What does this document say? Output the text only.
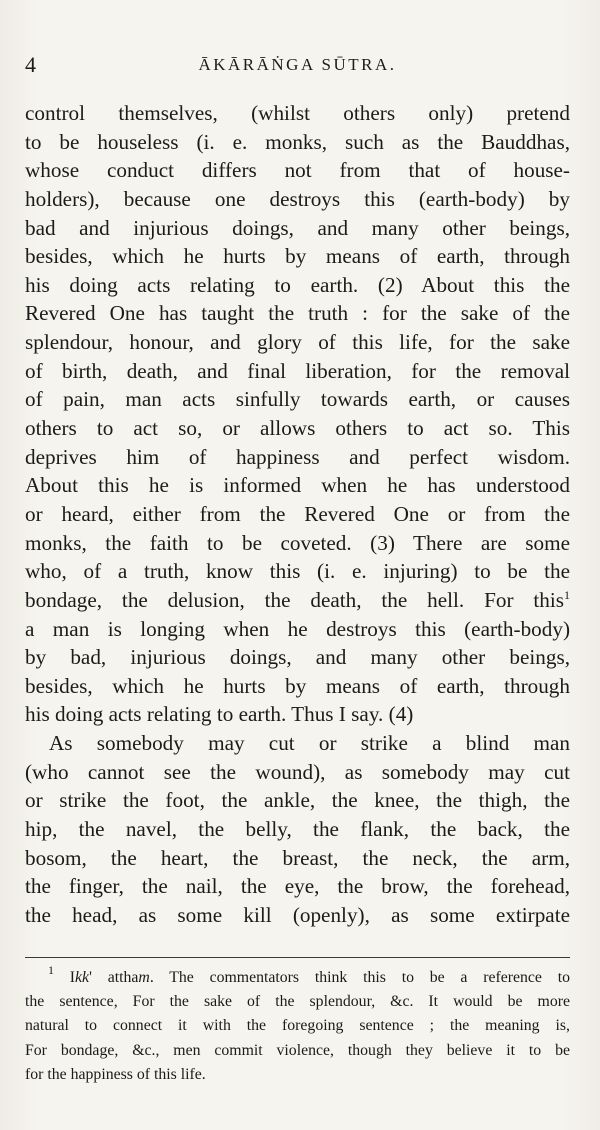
4	ĀKĀRĀṄGA SŪTRA.
control themselves, (whilst others only) pretend
to be houseless (i. e. monks, such as the Bauddhas,
whose conduct differs not from that of house-
holders), because one destroys this (earth-body) by
bad and injurious doings, and many other beings,
besides, which he hurts by means of earth, through
his doing acts relating to earth. (2) About this the
Revered One has taught the truth : for the sake of the
splendour, honour, and glory of this life, for the sake
of birth, death, and final liberation, for the removal
of pain, man acts sinfully towards earth, or causes
others to act so, or allows others to act so. This
deprives him of happiness and perfect wisdom.
About this he is informed when he has understood
or heard, either from the Revered One or from the
monks, the faith to be coveted. (3) There are some
who, of a truth, know this (i. e. injuring) to be the
bondage, the delusion, the death, the hell. For this$^1$
a man is longing when he destroys this (earth-body)
by bad, injurious doings, and many other beings,
besides, which he hurts by means of earth, through
his doing acts relating to earth. Thus I say. (4)
As somebody may cut or strike a blind man
(who cannot see the wound), as somebody may cut
or strike the foot, the ankle, the knee, the thigh, the
hip, the navel, the belly, the flank, the back, the
bosom, the heart, the breast, the neck, the arm,
the finger, the nail, the eye, the brow, the forehead,
the head, as some kill (openly), as some extirpate
$^1$ Ikk' attham. The commentators think this to be a reference to
the sentence, For the sake of the splendour, &c. It would be more
natural to connect it with the foregoing sentence ; the meaning is,
For bondage, &c., men commit violence, though they believe it to be
for the happiness of this life.
